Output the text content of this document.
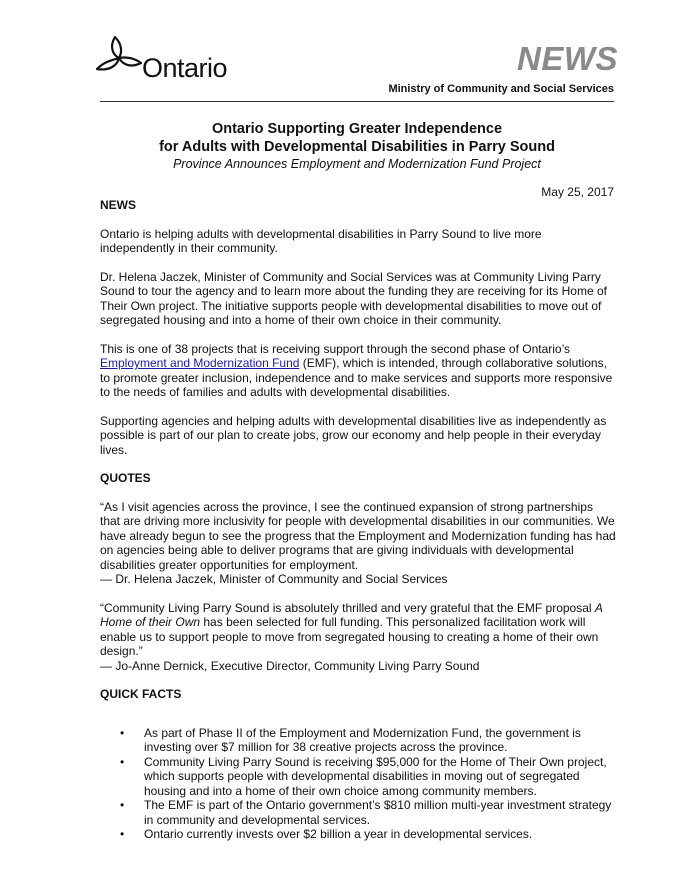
Ontario	NEWS
Ministry of Community and Social Services
Ontario Supporting Greater Independence
for Adults with Developmental Disabilities in Parry Sound
Province Announces Employment and Modernization Fund Project
May 25, 2017
NEWS

Ontario is helping adults with developmental disabilities in Parry Sound to live more independently in their community.

Dr. Helena Jaczek, Minister of Community and Social Services was at Community Living Parry Sound to tour the agency and to learn more about the funding they are receiving for its Home of Their Own project. The initiative supports people with developmental disabilities to move out of segregated housing and into a home of their own choice in their community.

This is one of 38 projects that is receiving support through the second phase of Ontario’s Employment and Modernization Fund (EMF), which is intended, through collaborative solutions, to promote greater inclusion, independence and to make services and supports more responsive to the needs of families and adults with developmental disabilities.

Supporting agencies and helping adults with developmental disabilities live as independently as possible is part of our plan to create jobs, grow our economy and help people in their everyday lives.

QUOTES

“As I visit agencies across the province, I see the continued expansion of strong partnerships that are driving more inclusivity for people with developmental disabilities in our communities. We have already begun to see the progress that the Employment and Modernization funding has had on agencies being able to deliver programs that are giving individuals with developmental disabilities greater opportunities for employment.
— Dr. Helena Jaczek, Minister of Community and Social Services

“Community Living Parry Sound is absolutely thrilled and very grateful that the EMF proposal A Home of their Own has been selected for full funding. This personalized facilitation work will enable us to support people to move from segregated housing to creating a home of their own design.”
— Jo-Anne Dernick, Executive Director, Community Living Parry Sound

QUICK FACTS
• As part of Phase II of the Employment and Modernization Fund, the government is investing over $7 million for 38 creative projects across the province.
• Community Living Parry Sound is receiving $95,000 for the Home of Their Own project, which supports people with developmental disabilities in moving out of segregated housing and into a home of their own choice among community members.
• The EMF is part of the Ontario government’s $810 million multi-year investment strategy in community and developmental services.
• Ontario currently invests over $2 billion a year in developmental services.
